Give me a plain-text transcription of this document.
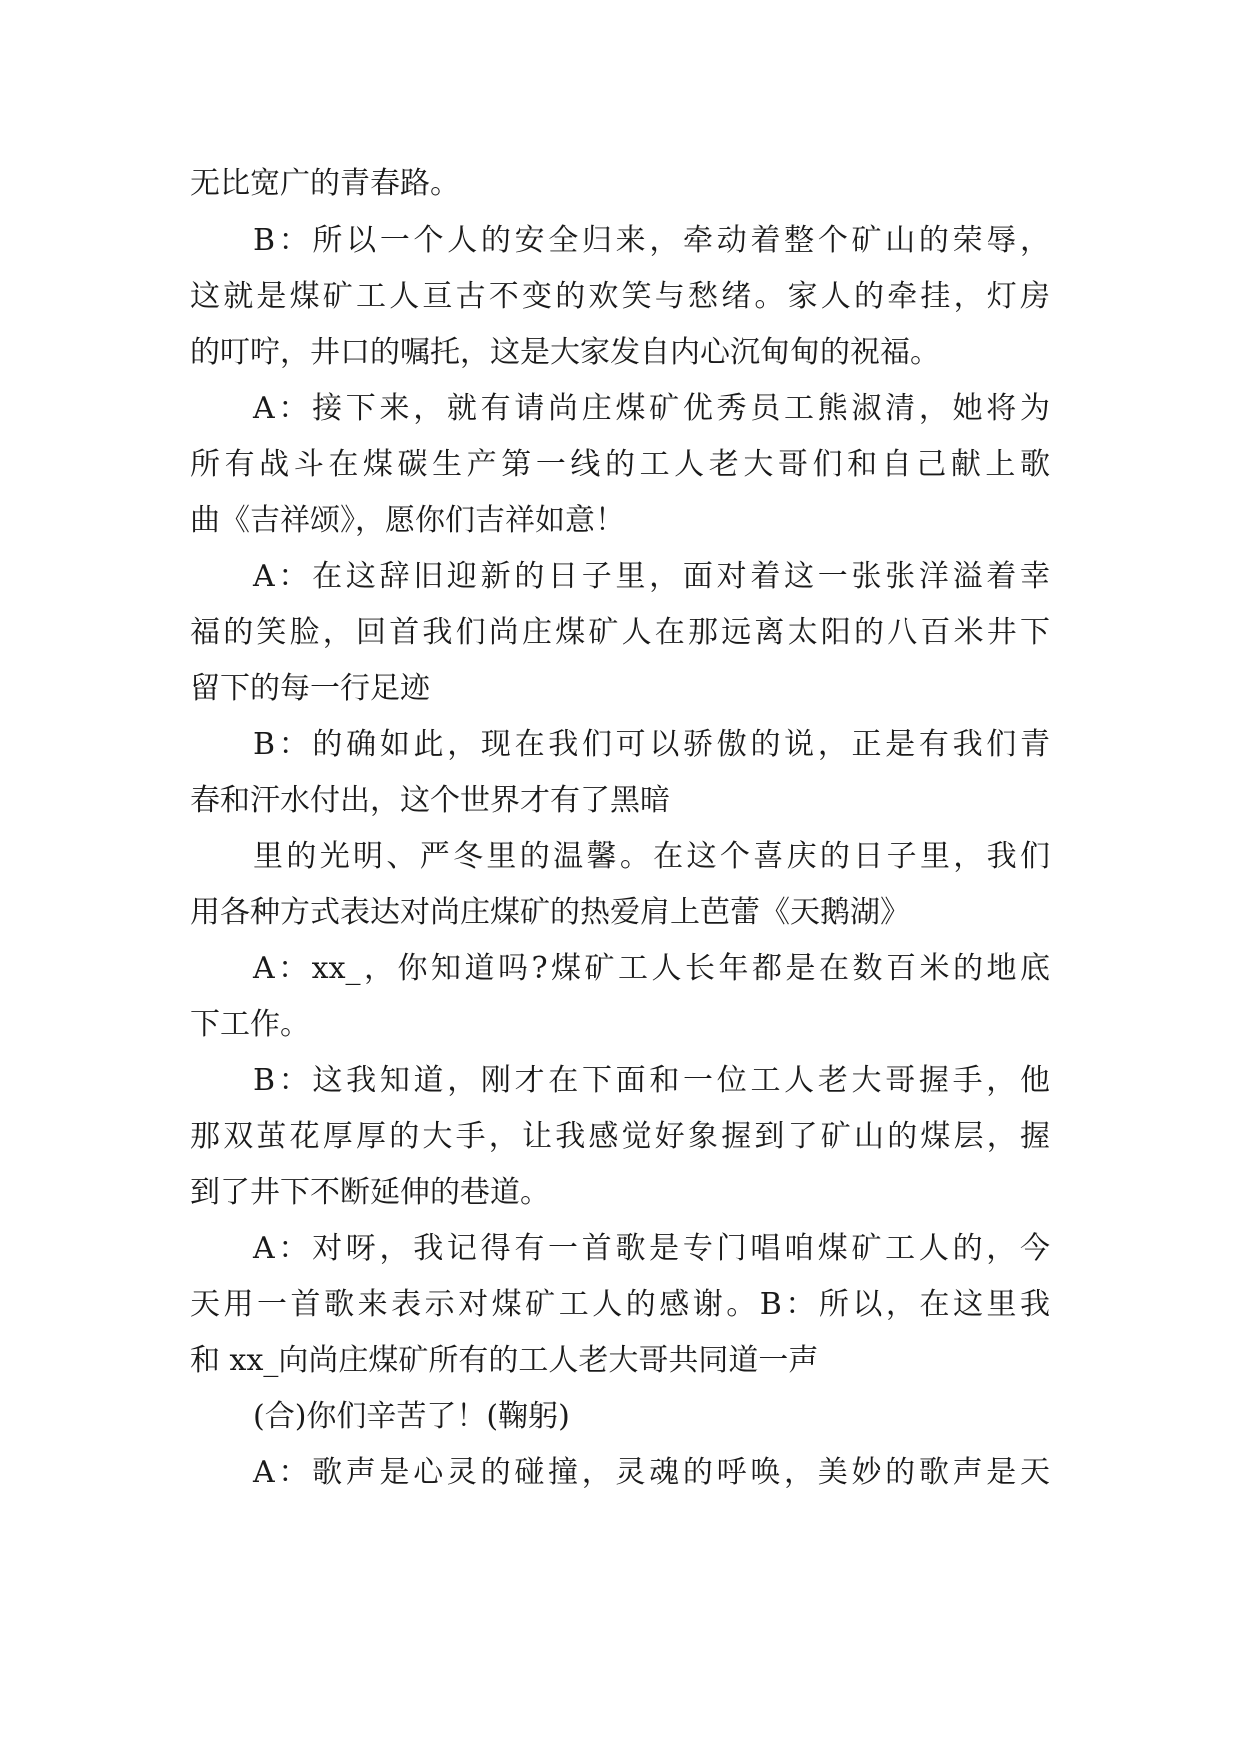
无比宽广的青春路。
B：所以一个人的安全归来，牵动着整个矿山的荣辱，
这就是煤矿工人亘古不变的欢笑与愁绪。家人的牵挂，灯房
的叮咛，井口的嘱托，这是大家发自内心沉甸甸的祝福。
A：接下来，就有请尚庄煤矿优秀员工熊淑清，她将为
所有战斗在煤碳生产第一线的工人老大哥们和自己献上歌
曲《吉祥颂》，愿你们吉祥如意！
A：在这辞旧迎新的日子里，面对着这一张张洋溢着幸
福的笑脸，回首我们尚庄煤矿人在那远离太阳的八百米井下
留下的每一行足迹
B：的确如此，现在我们可以骄傲的说，正是有我们青
春和汗水付出，这个世界才有了黑暗
里的光明、严冬里的温馨。在这个喜庆的日子里，我们
用各种方式表达对尚庄煤矿的热爱肩上芭蕾《天鹅湖》
A：xx_，你知道吗?煤矿工人长年都是在数百米的地底
下工作。
B：这我知道，刚才在下面和一位工人老大哥握手，他
那双茧花厚厚的大手，让我感觉好象握到了矿山的煤层，握
到了井下不断延伸的巷道。
A：对呀，我记得有一首歌是专门唱咱煤矿工人的，今
天用一首歌来表示对煤矿工人的感谢。B：所以，在这里我
和 xx_向尚庄煤矿所有的工人老大哥共同道一声
(合)你们辛苦了！(鞠躬)
A：歌声是心灵的碰撞，灵魂的呼唤，美妙的歌声是天
